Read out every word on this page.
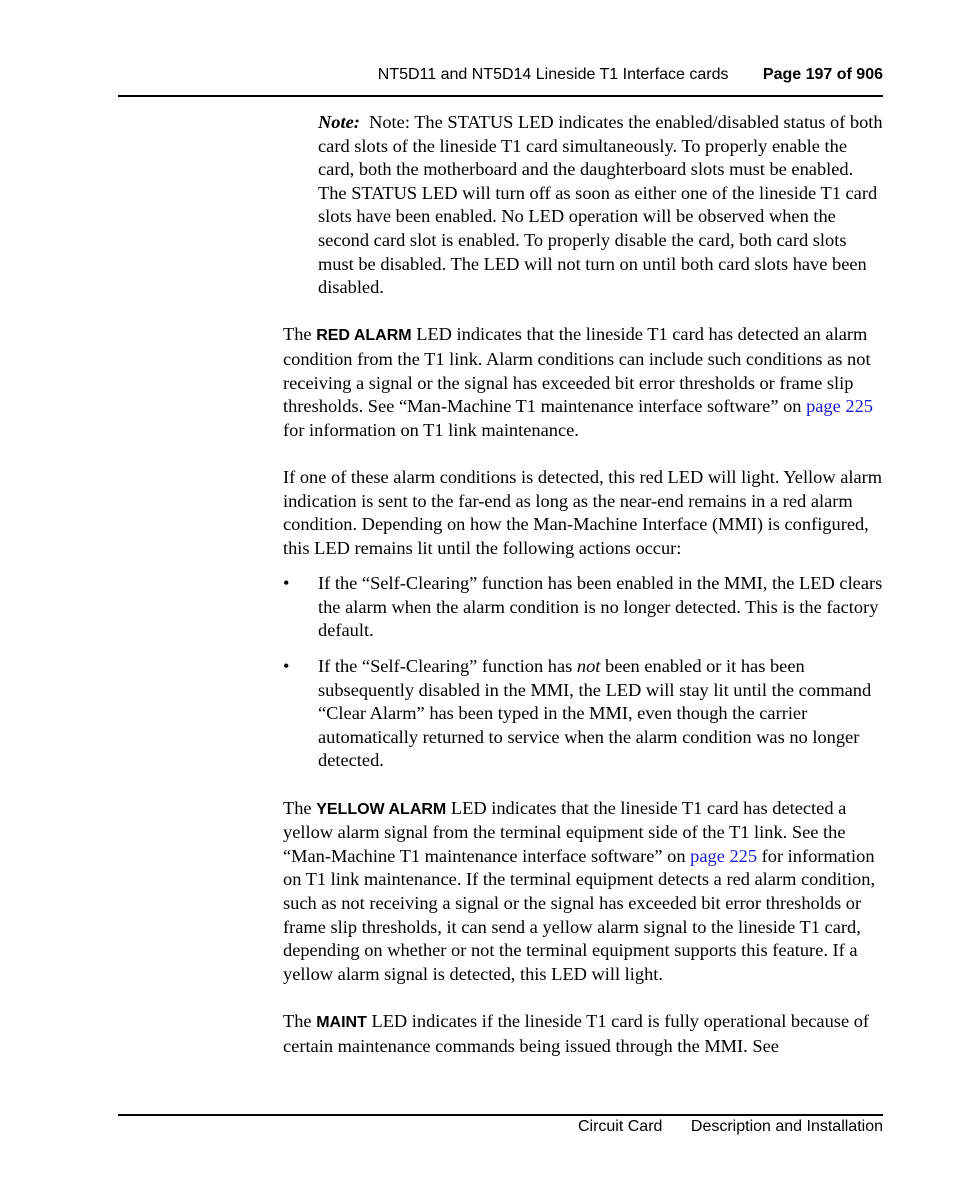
NT5D11 and NT5D14 Lineside T1 Interface cards Page 197 of 906

Note: Note: The STATUS LED indicates the enabled/disabled status of both card slots of the lineside T1 card simultaneously. To properly enable the card, both the motherboard and the daughterboard slots must be enabled. The STATUS LED will turn off as soon as either one of the lineside T1 card slots have been enabled. No LED operation will be observed when the second card slot is enabled. To properly disable the card, both card slots must be disabled. The LED will not turn on until both card slots have been disabled.

The RED ALARM LED indicates that the lineside T1 card has detected an alarm condition from the T1 link. Alarm conditions can include such conditions as not receiving a signal or the signal has exceeded bit error thresholds or frame slip thresholds. See “Man-Machine T1 maintenance interface software” on page 225 for information on T1 link maintenance.

If one of these alarm conditions is detected, this red LED will light. Yellow alarm indication is sent to the far-end as long as the near-end remains in a red alarm condition. Depending on how the Man-Machine Interface (MMI) is configured, this LED remains lit until the following actions occur:

• If the “Self-Clearing” function has been enabled in the MMI, the LED clears the alarm when the alarm condition is no longer detected. This is the factory default.

• If the “Self-Clearing” function has not been enabled or it has been subsequently disabled in the MMI, the LED will stay lit until the command “Clear Alarm” has been typed in the MMI, even though the carrier automatically returned to service when the alarm condition was no longer detected.

The YELLOW ALARM LED indicates that the lineside T1 card has detected a yellow alarm signal from the terminal equipment side of the T1 link. See the “Man-Machine T1 maintenance interface software” on page 225 for information on T1 link maintenance. If the terminal equipment detects a red alarm condition, such as not receiving a signal or the signal has exceeded bit error thresholds or frame slip thresholds, it can send a yellow alarm signal to the lineside T1 card, depending on whether or not the terminal equipment supports this feature. If a yellow alarm signal is detected, this LED will light.

The MAINT LED indicates if the lineside T1 card is fully operational because of certain maintenance commands being issued through the MMI. See

Circuit Card Description and Installation
